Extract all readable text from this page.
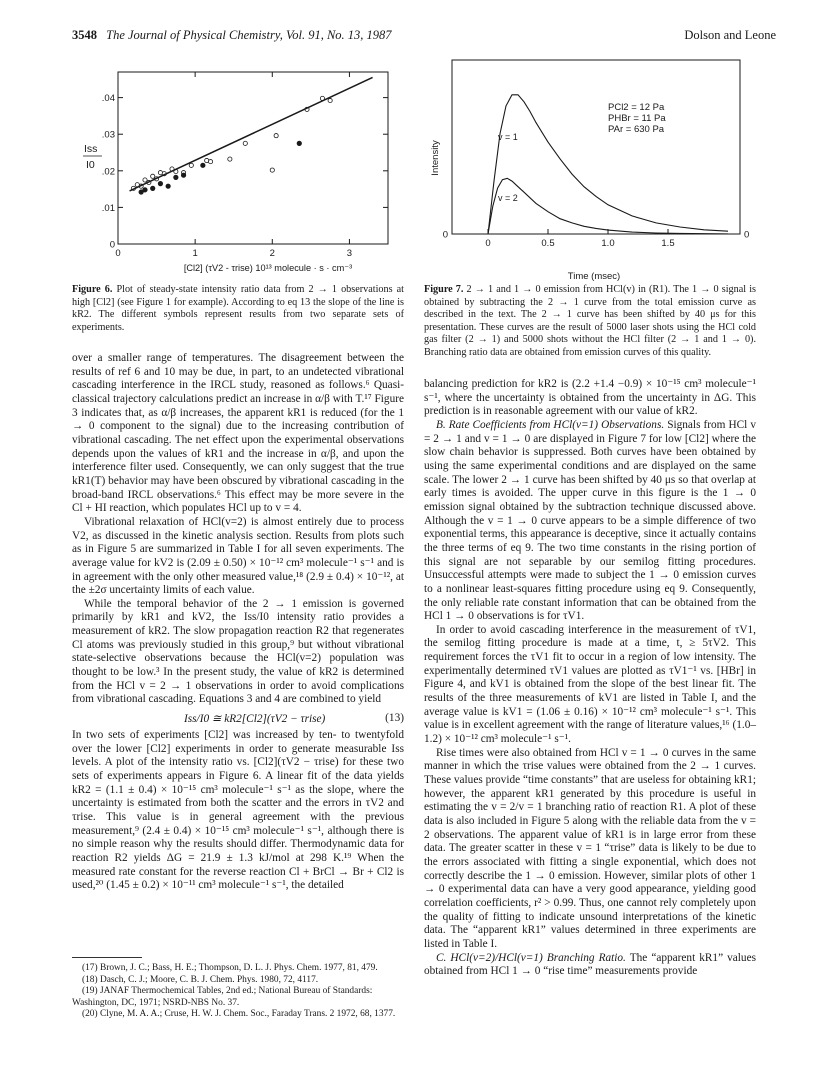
3548 The Journal of Physical Chemistry, Vol. 91, No. 13, 1987	Dolson and Leone
0	1	2	3
0
.01
.02
.03
.04
Iss
I0
[Cl2] (τV2 - τrise) 10¹³ molecule · s · cm⁻³
Figure 6. Plot of steady-state intensity ratio data from 2 → 1 observations at high [Cl2] (see Figure 1 for example). According to eq 13 the slope of the line is kR2. The different symbols represent results from two separate sets of experiments.
0	0
0	0.5	1.0	1.5
PCl2 = 12 Pa
PHBr = 11 Pa
PAr = 630 Pa
v = 1
v = 2
Intensity
Time (msec)
Figure 7. 2 → 1 and 1 → 0 emission from HCl(v) in (R1). The 1 → 0 signal is obtained by subtracting the 2 → 1 curve from the total emission curve as described in the text. The 2 → 1 curve has been shifted by 40 μs for this presentation. These curves are the result of 5000 laser shots using the HCl cold gas filter (2 → 1) and 5000 shots without the HCl filter (2 → 1 and 1 → 0). Branching ratio data are obtained from emission curves of this quality.

over a smaller range of temperatures. The disagreement between the results of ref 6 and 10 may be due, in part, to an undetected vibrational cascading interference in the IRCL study, reasoned as follows.⁶ Quasi-classical trajectory calculations predict an increase in α/β with T.¹⁷ Figure 3 indicates that, as α/β increases, the apparent kR1 is reduced (for the 1 → 0 component to the signal) due to the increasing contribution of vibrational cascading. The net effect upon the experimental observations depends upon the values of kR1 and the increase in α/β, and upon the interference filter used. Consequently, we can only suggest that the true kR1(T) behavior may have been obscured by vibrational cascading in the broad-band IRCL observations.⁶ This effect may be more severe in the Cl + HI reaction, which populates HCl up to v = 4.

Vibrational relaxation of HCl(v=2) is almost entirely due to process V2, as discussed in the kinetic analysis section. Results from plots such as in Figure 5 are summarized in Table I for all seven experiments. The average value for kV2 is (2.09 ± 0.50) × 10⁻¹² cm³ molecule⁻¹ s⁻¹ and is in agreement with the only other measured value,¹⁸ (2.9 ± 0.4) × 10⁻¹², at the ±2σ uncertainty limits of each value.

While the temporal behavior of the 2 → 1 emission is governed primarily by kR1 and kV2, the Iss/I0 intensity ratio provides a measurement of kR2. The slow propagation reaction R2 that regenerates Cl atoms was previously studied in this group,⁹ but without vibrational state-selective observations because the HCl(v=2) population was thought to be low.³ In the present study, the value of kR2 is determined from the HCl v = 2 → 1 observations in order to avoid complications from vibrational cascading. Equations 3 and 4 are combined to yield

Iss/I0 ≅ kR2[Cl2](τV2 − τrise)	(13)

In two sets of experiments [Cl2] was increased by ten- to twentyfold over the lower [Cl2] experiments in order to generate measurable Iss levels. A plot of the intensity ratio vs. [Cl2](τV2 − τrise) for these two sets of experiments appears in Figure 6. A linear fit of the data yields kR2 = (1.1 ± 0.4) × 10⁻¹⁵ cm³ molecule⁻¹ s⁻¹ as the slope, where the uncertainty is estimated from both the scatter and the errors in τV2 and τrise. This value is in general agreement with the previous measurement,⁹ (2.4 ± 0.4) × 10⁻¹⁵ cm³ molecule⁻¹ s⁻¹, although there is no simple reason why the results should differ. Thermodynamic data for reaction R2 yields ΔG = 21.9 ± 1.3 kJ/mol at 298 K.¹⁹ When the measured rate constant for the reverse reaction Cl + BrCl → Br + Cl2 is used,²⁰ (1.45 ± 0.2) × 10⁻¹¹ cm³ molecule⁻¹ s⁻¹, the detailed

(17) Brown, J. C.; Bass, H. E.; Thompson, D. L. J. Phys. Chem. 1977, 81, 479.

(18) Dasch, C. J.; Moore, C. B. J. Chem. Phys. 1980, 72, 4117.

(19) JANAF Thermochemical Tables, 2nd ed.; National Bureau of Standards: Washington, DC, 1971; NSRD-NBS No. 37.

(20) Clyne, M. A. A.; Cruse, H. W. J. Chem. Soc., Faraday Trans. 2 1972, 68, 1377.

balancing prediction for kR2 is (2.2 +1.4 −0.9) × 10⁻¹⁵ cm³ molecule⁻¹ s⁻¹, where the uncertainty is obtained from the uncertainty in ΔG. This prediction is in reasonable agreement with our value of kR2.

B. Rate Coefficients from HCl(v=1) Observations. Signals from HCl v = 2 → 1 and v = 1 → 0 are displayed in Figure 7 for low [Cl2] where the slow chain behavior is suppressed. Both curves have been obtained by using the same experimental conditions and are displayed on the same scale. The lower 2 → 1 curve has been shifted by 40 μs so that overlap at early times is avoided. The upper curve in this figure is the 1 → 0 emission signal obtained by the subtraction technique discussed above. Although the v = 1 → 0 curve appears to be a simple difference of two exponential terms, this appearance is deceptive, since it actually contains the three terms of eq 9. The two time constants in the rising portion of this signal are not separable by our semilog fitting procedures. Unsuccessful attempts were made to subject the 1 → 0 emission curves to a nonlinear least-squares fitting procedure using eq 9. Consequently, the only reliable rate constant information that can be obtained from the HCl 1 → 0 observations is for τV1.

In order to avoid cascading interference in the measurement of τV1, the semilog fitting procedure is made at a time, t, ≥ 5τV2. This requirement forces the τV1 fit to occur in a region of low intensity. The experimentally determined τV1 values are plotted as τV1⁻¹ vs. [HBr] in Figure 4, and kV1 is obtained from the slope of the best linear fit. The results of the three measurements of kV1 are listed in Table I, and the average value is kV1 = (1.06 ± 0.16) × 10⁻¹² cm³ molecule⁻¹ s⁻¹. This value is in excellent agreement with the range of literature values,¹⁶ (1.0–1.2) × 10⁻¹² cm³ molecule⁻¹ s⁻¹.

Rise times were also obtained from HCl v = 1 → 0 curves in the same manner in which the τrise values were obtained from the 2 → 1 curves. These values provide “time constants” that are useless for obtaining kR1; however, the apparent kR1 generated by this procedure is useful in estimating the v = 2/v = 1 branching ratio of reaction R1. A plot of these data is also included in Figure 5 along with the reliable data from the v = 2 observations. The apparent value of kR1 is in large error from these data. The greater scatter in these v = 1 “τrise” data is likely to be due to the errors associated with fitting a single exponential, which does not correctly describe the 1 → 0 emission. However, similar plots of other 1 → 0 experimental data can have a very good appearance, yielding good correlation coefficients, r² > 0.99. Thus, one cannot rely completely upon the quality of fitting to indicate unsound interpretations of the kinetic data. The “apparent kR1” values determined in three experiments are listed in Table I.

C. HCl(v=2)/HCl(v=1) Branching Ratio. The “apparent kR1” values obtained from HCl 1 → 0 “rise time” measurements provide
